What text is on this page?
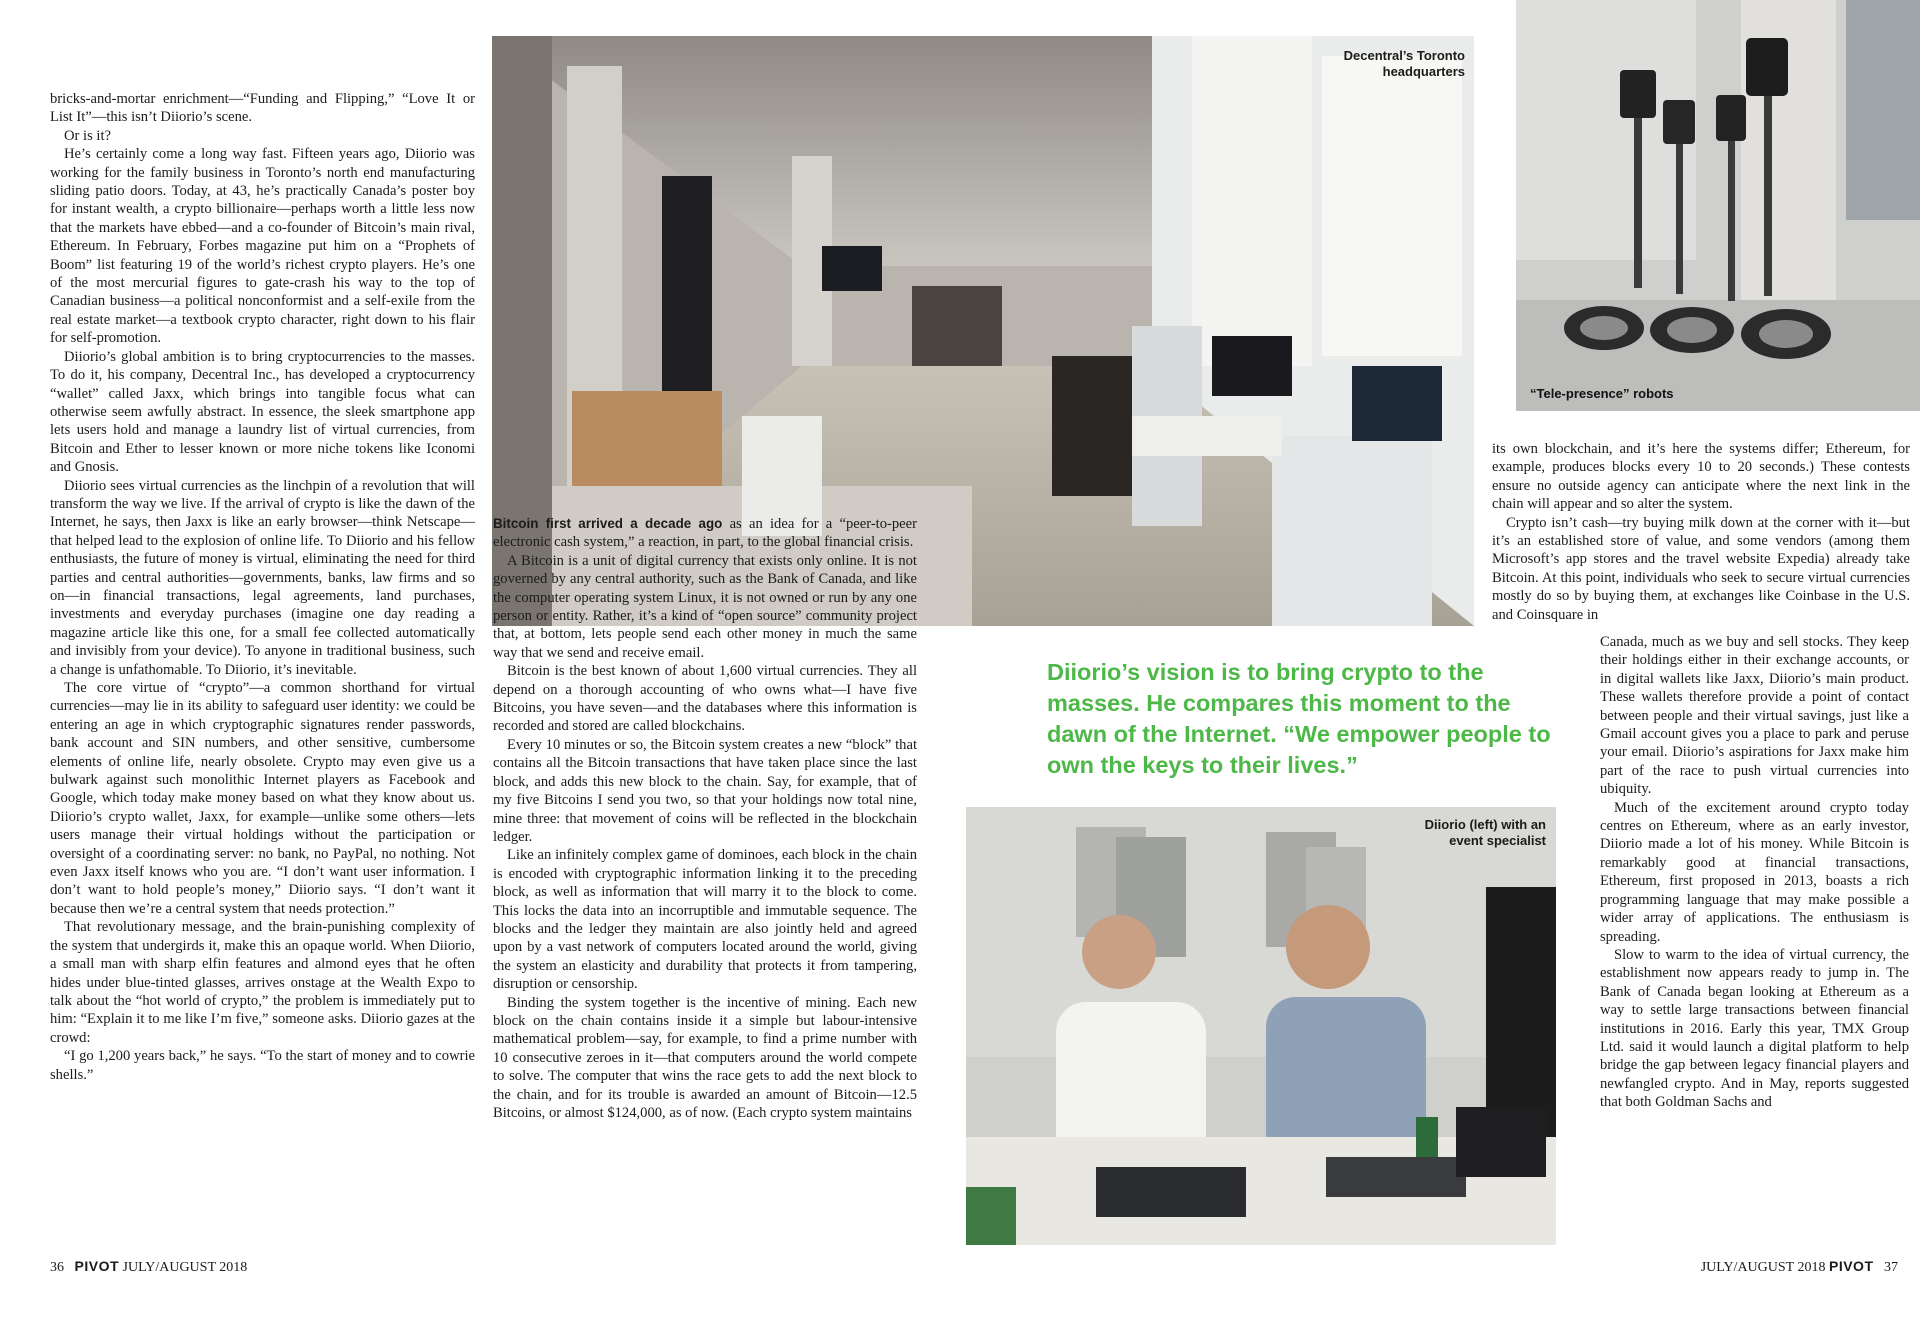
bricks-and-mortar enrichment—“Funding and Flipping,” “Love It or List It”—this isn’t Diiorio’s scene.

Or is it?

He’s certainly come a long way fast. Fifteen years ago, Diiorio was working for the family business in Toronto’s north end manufacturing sliding patio doors. Today, at 43, he’s practically Canada’s poster boy for instant wealth, a crypto billionaire—perhaps worth a little less now that the markets have ebbed—and a co-founder of Bitcoin’s main rival, Ethereum. In February, Forbes magazine put him on a “Prophets of Boom” list featuring 19 of the world’s richest crypto players. He’s one of the most mercurial figures to gate-crash his way to the top of Canadian business—a political nonconformist and a self-exile from the real estate market—a textbook crypto character, right down to his flair for self-promotion.

Diiorio’s global ambition is to bring cryptocurrencies to the masses. To do it, his company, Decentral Inc., has developed a cryptocurrency “wallet” called Jaxx, which brings into tangible focus what can otherwise seem awfully abstract. In essence, the sleek smartphone app lets users hold and manage a laundry list of virtual currencies, from Bitcoin and Ether to lesser known or more niche tokens like Iconomi and Gnosis.

Diiorio sees virtual currencies as the linchpin of a revolution that will transform the way we live. If the arrival of crypto is like the dawn of the Internet, he says, then Jaxx is like an early browser—think Netscape—that helped lead to the explosion of online life. To Diiorio and his fellow enthusiasts, the future of money is virtual, eliminating the need for third parties and central authorities—governments, banks, law firms and so on—in financial transactions, legal agreements, land purchases, investments and everyday purchases (imagine one day reading a magazine article like this one, for a small fee collected automatically and invisibly from your device). To anyone in traditional business, such a change is unfathomable. To Diiorio, it’s inevitable.

The core virtue of “crypto”—a common shorthand for virtual currencies—may lie in its ability to safeguard user identity: we could be entering an age in which cryptographic signatures render passwords, bank account and SIN numbers, and other sensitive, cumbersome elements of online life, nearly obsolete. Crypto may even give us a bulwark against such monolithic Internet players as Facebook and Google, which today make money based on what they know about us. Diiorio’s crypto wallet, Jaxx, for example—unlike some others—lets users manage their virtual holdings without the participation or oversight of a coordinating server: no bank, no PayPal, no nothing. Not even Jaxx itself knows who you are. “I don’t want user information. I don’t want to hold people’s money,” Diiorio says. “I don’t want it because then we’re a central system that needs protection.”

That revolutionary message, and the brain-punishing complexity of the system that undergirds it, make this an opaque world. When Diiorio, a small man with sharp elfin features and almond eyes that he often hides under blue-tinted glasses, arrives onstage at the Wealth Expo to talk about the “hot world of crypto,” the problem is immediately put to him: “Explain it to me like I’m five,” someone asks. Diiorio gazes at the crowd:

“I go 1,200 years back,” he says. “To the start of money and to cowrie shells.”

Decentral’s Toronto
headquarters
“Tele-presence” robots

Bitcoin first arrived a decade ago as an idea for a “peer-to-peer electronic cash system,” a reaction, in part, to the global financial crisis.

A Bitcoin is a unit of digital currency that exists only online. It is not governed by any central authority, such as the Bank of Canada, and like the computer operating system Linux, it is not owned or run by any one person or entity. Rather, it’s a kind of “open source” community project that, at bottom, lets people send each other money in much the same way that we send and receive email.

Bitcoin is the best known of about 1,600 virtual currencies. They all depend on a thorough accounting of who owns what—I have five Bitcoins, you have seven—and the databases where this information is recorded and stored are called blockchains.

Every 10 minutes or so, the Bitcoin system creates a new “block” that contains all the Bitcoin transactions that have taken place since the last block, and adds this new block to the chain. Say, for example, that of my five Bitcoins I send you two, so that your holdings now total nine, mine three: that movement of coins will be reflected in the blockchain ledger.

Like an infinitely complex game of dominoes, each block in the chain is encoded with cryptographic information linking it to the preceding block, as well as information that will marry it to the block to come. This locks the data into an incorruptible and immutable sequence. The blocks and the ledger they maintain are also jointly held and agreed upon by a vast network of computers located around the world, giving the system an elasticity and durability that protects it from tampering, disruption or censorship.

Binding the system together is the incentive of mining. Each new block on the chain contains inside it a simple but labour-intensive mathematical problem—say, for example, to find a prime number with 10 consecutive zeroes in it—that computers around the world compete to solve. The computer that wins the race gets to add the next block to the chain, and for its trouble is awarded an amount of Bitcoin—12.5 Bitcoins, or almost $124,000, as of now. (Each crypto system maintains

its own blockchain, and it’s here the systems differ; Ethereum, for example, produces blocks every 10 to 20 seconds.) These contests ensure no outside agency can anticipate where the next link in the chain will appear and so alter the system.

Crypto isn’t cash—try buying milk down at the corner with it—but it’s an established store of value, and some vendors (among them Microsoft’s app stores and the travel website Expedia) already take Bitcoin. At this point, individuals who seek to secure virtual currencies mostly do so by buying them, at exchanges like Coinbase in the U.S. and Coinsquare in

Diiorio’s vision is to bring crypto to the masses. He compares this moment to the dawn of the Internet. “We empower people to own the keys to their lives.”
Diiorio (left) with an
event specialist

Canada, much as we buy and sell stocks. They keep their holdings either in their exchange accounts, or in digital wallets like Jaxx, Diiorio’s main product. These wallets therefore provide a point of contact between people and their virtual savings, just like a Gmail account gives you a place to park and peruse your email. Diiorio’s aspirations for Jaxx make him part of the race to push virtual currencies into ubiquity.

Much of the excitement around crypto today centres on Ethereum, where as an early investor, Diiorio made a lot of his money. While Bitcoin is remarkably good at financial transactions, Ethereum, first proposed in 2013, boasts a rich programming language that may make possible a wider array of applications. The enthusiasm is spreading.

Slow to warm to the idea of virtual currency, the establishment now appears ready to jump in. The Bank of Canada began looking at Ethereum as a way to settle large transactions between financial institutions in 2016. Early this year, TMX Group Ltd. said it would launch a digital platform to help bridge the gap between legacy financial players and newfangled crypto. And in May, reports suggested that both Goldman Sachs and

36 PIVOT JULY/AUGUST 2018	JULY/AUGUST 2018 PIVOT 37
